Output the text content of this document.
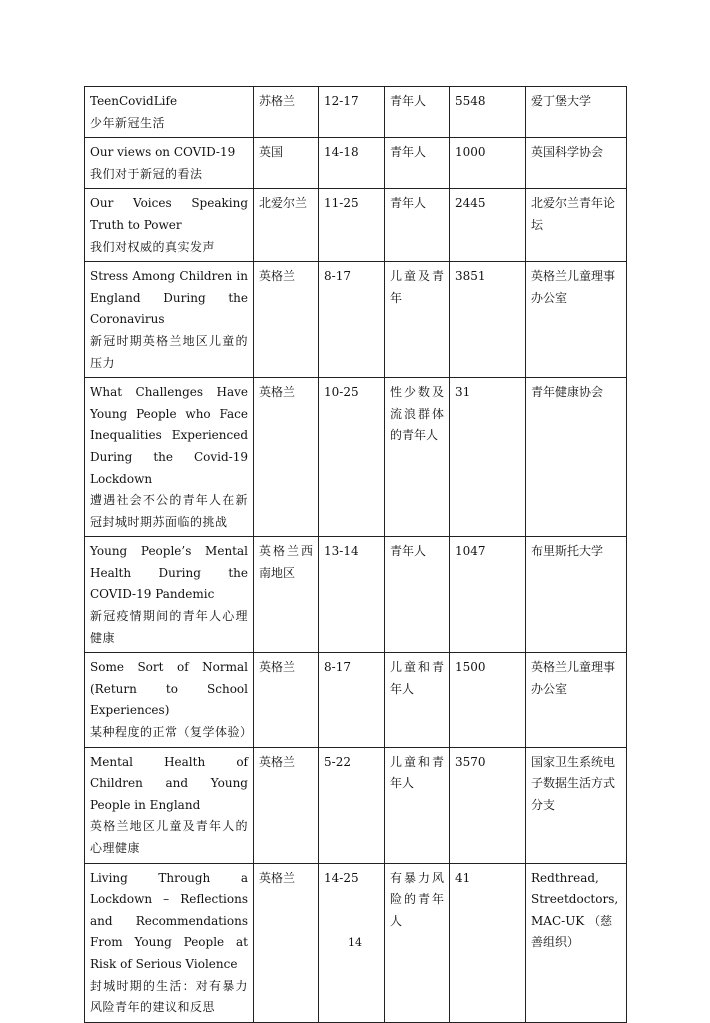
TeenCovidLife
少年新冠生活	苏格兰	12-17	青年人	5548	爱丁堡大学

Our views on COVID-19
我们对于新冠的看法	英国	14-18	青年人	1000	英国科学协会

Our Voices Speaking Truth to Power
我们对权威的真实发声	北爱尔兰	11-25	青年人	2445	北爱尔兰青年论坛

Stress Among Children in England During the Coronavirus
新冠时期英格兰地区儿童的压力	英格兰	8-17	儿童及青年	3851	英格兰儿童理事办公室

What Challenges Have Young People who Face Inequalities Experienced During the Covid-19 Lockdown
遭遇社会不公的青年人在新冠封城时期苏面临的挑战	英格兰	10-25	性少数及流浪群体的青年人	31	青年健康协会

Young People’s Mental Health During the COVID-19 Pandemic
新冠疫情期间的青年人心理健康	英格兰西南地区	13-14	青年人	1047	布里斯托大学

Some Sort of Normal (Return to School Experiences)
某种程度的正常（复学体验）	英格兰	8-17	儿童和青年人	1500	英格兰儿童理事办公室

Mental Health of Children and Young People in England
英格兰地区儿童及青年人的心理健康	英格兰	5-22	儿童和青年人	3570	国家卫生系统电子数据生活方式分支

Living Through a Lockdown – Reflections and Recommendations From Young People at Risk of Serious Violence
封城时期的生活：对有暴力风险青年的建议和反思	英格兰	14-25	有暴力风险的青年人	41	Redthread, Streetdoctors, MAC-UK （慈善组织）
14
